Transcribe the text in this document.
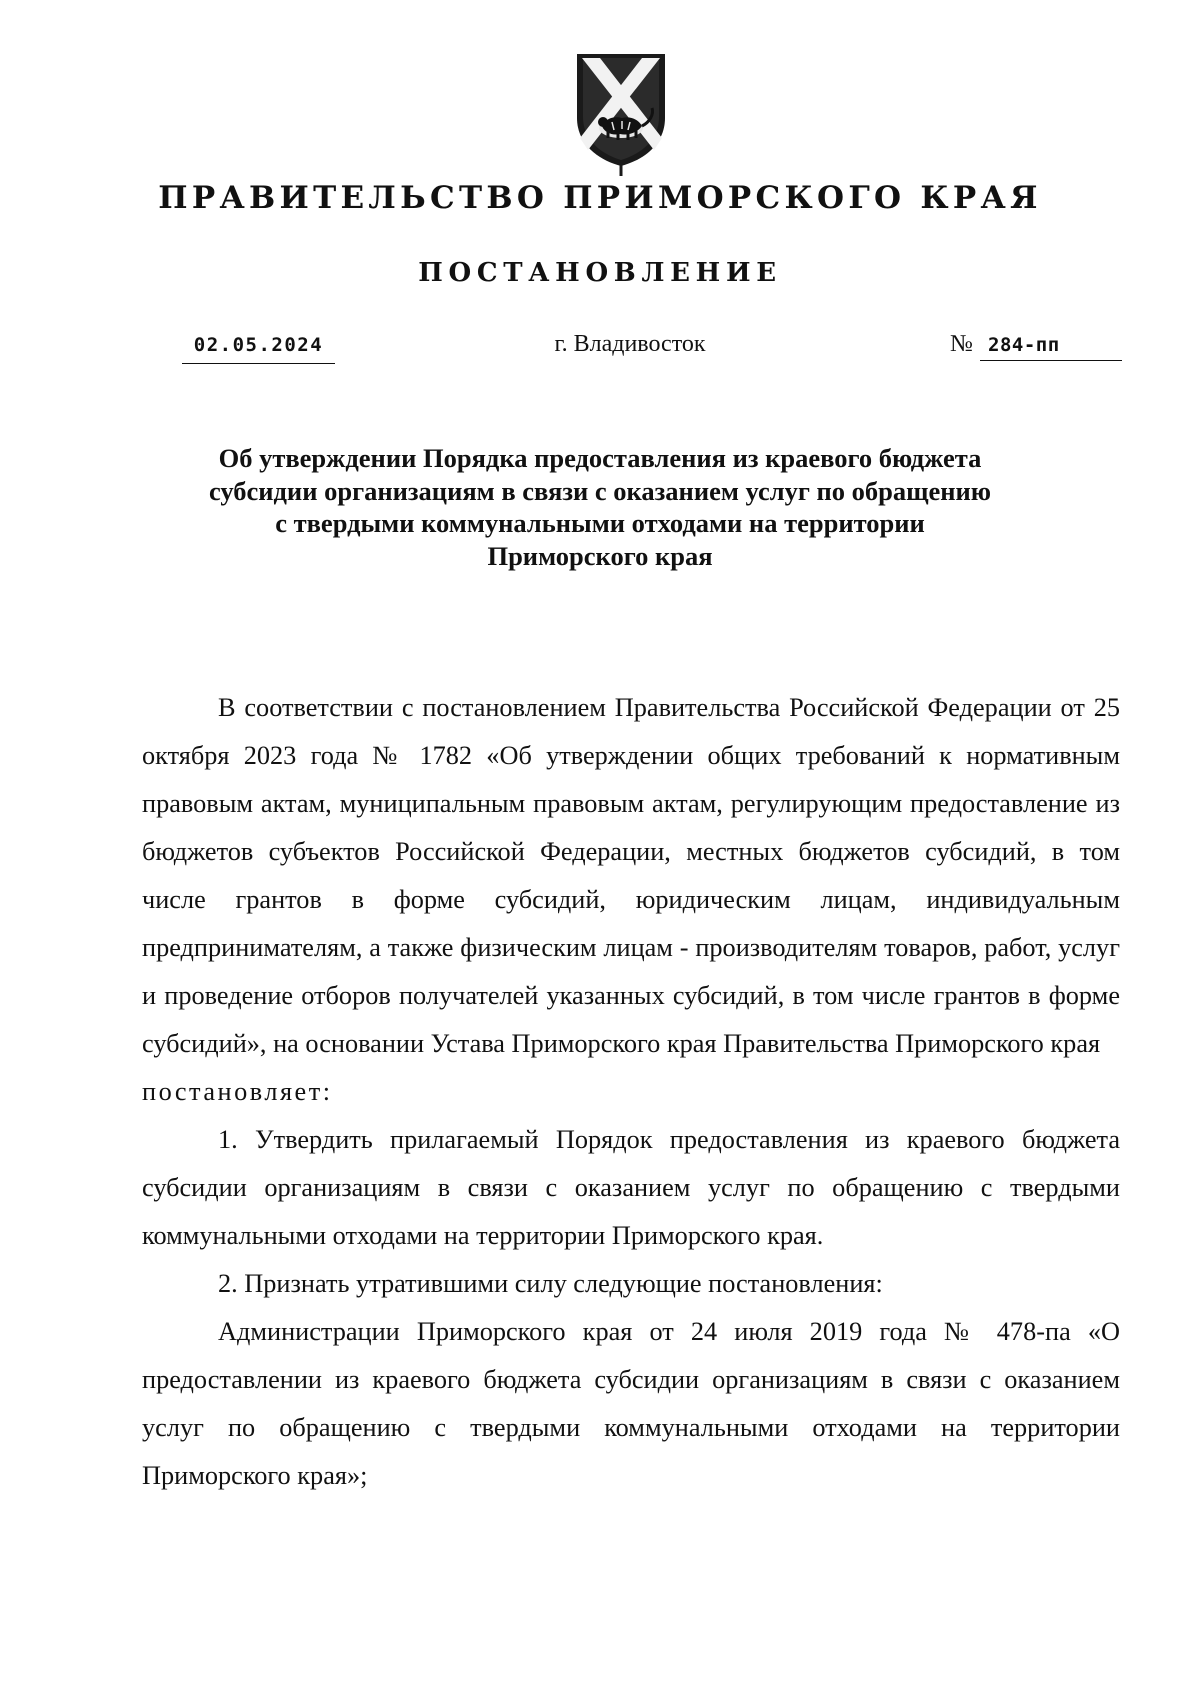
ПРАВИТЕЛЬСТВО ПРИМОРСКОГО КРАЯ
ПОСТАНОВЛЕНИЕ
02.05.2024	г. Владивосток	№ 284-пп
Об утверждении Порядка предоставления из краевого бюджета субсидии организациям в связи с оказанием услуг по обращению с твердыми коммунальными отходами на территории Приморского края

В соответствии с постановлением Правительства Российской Федерации от 25 октября 2023 года № 1782 «Об утверждении общих требований к нормативным правовым актам, муниципальным правовым актам, регулирующим предоставление из бюджетов субъектов Российской Федерации, местных бюджетов субсидий, в том числе грантов в форме субсидий, юридическим лицам, индивидуальным предпринимателям, а также физическим лицам - производителям товаров, работ, услуг и проведение отборов получателей указанных субсидий, в том числе грантов в форме субсидий», на основании Устава Приморского края Правительства Приморского края

постановляет:

1. Утвердить прилагаемый Порядок предоставления из краевого бюджета субсидии организациям в связи с оказанием услуг по обращению с твердыми коммунальными отходами на территории Приморского края.

2. Признать утратившими силу следующие постановления:

Администрации Приморского края от 24 июля 2019 года № 478-па «О предоставлении из краевого бюджета субсидии организациям в связи с оказанием услуг по обращению с твердыми коммунальными отходами на территории Приморского края»;
